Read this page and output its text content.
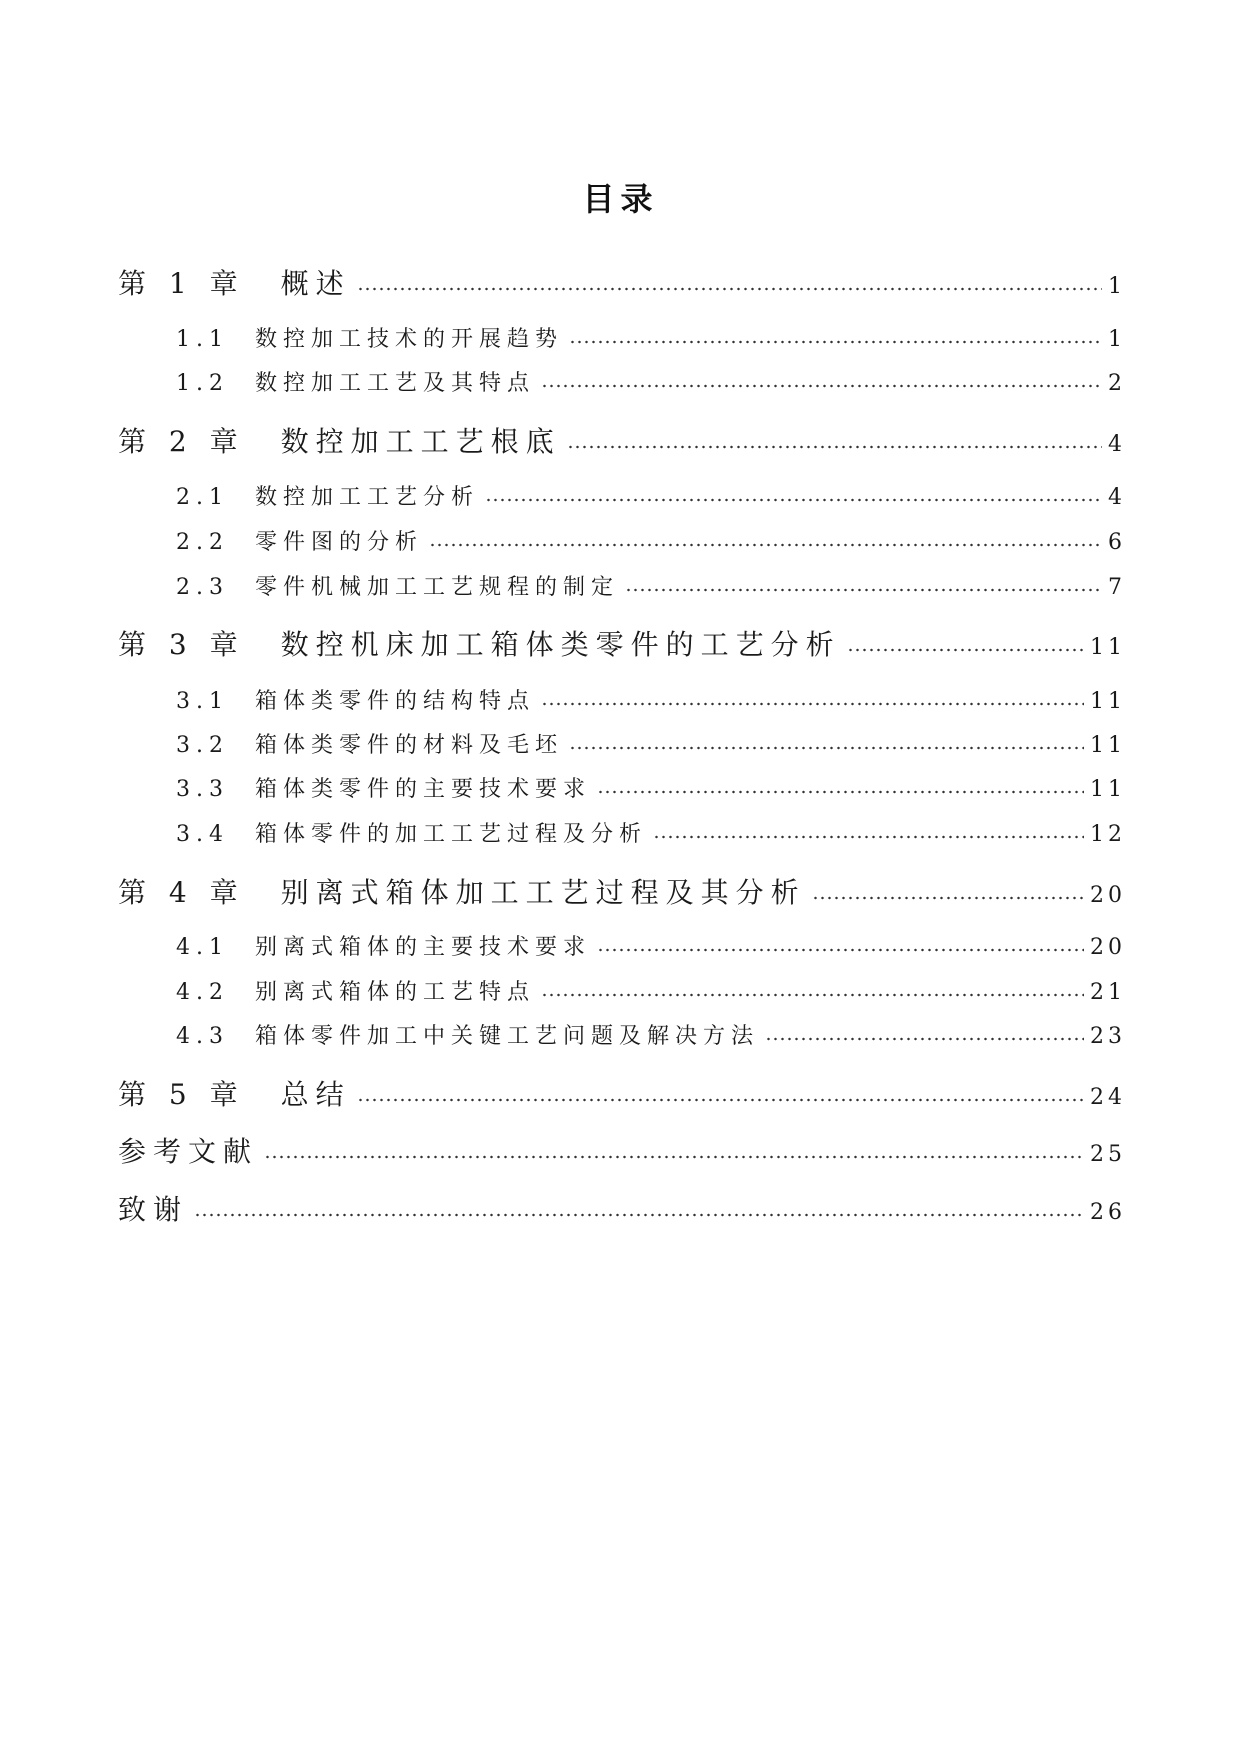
目录
第 1 章 概述	1
1.1 数控加工技术的开展趋势	1
1.2 数控加工工艺及其特点	2
第 2 章 数控加工工艺根底	4
2.1 数控加工工艺分析	4
2.2 零件图的分析	6
2.3 零件机械加工工艺规程的制定	7
第 3 章 数控机床加工箱体类零件的工艺分析	11
3.1 箱体类零件的结构特点	11
3.2 箱体类零件的材料及毛坯	11
3.3 箱体类零件的主要技术要求	11
3.4 箱体零件的加工工艺过程及分析	12
第 4 章 别离式箱体加工工艺过程及其分析	20
4.1 别离式箱体的主要技术要求	20
4.2 别离式箱体的工艺特点	21
4.3 箱体零件加工中关键工艺问题及解决方法	23
第 5 章 总结	24
参考文献	25
致谢	26
